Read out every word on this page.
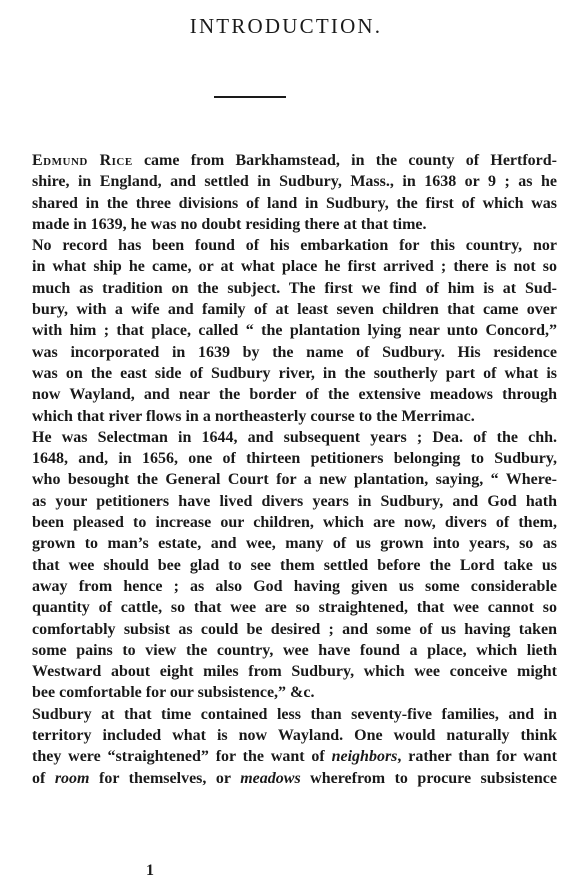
INTRODUCTION.
Edmund Rice came from Barkhamstead, in the county of Hertford-
shire, in England, and settled in Sudbury, Mass., in 1638 or 9 ; as he
shared in the three divisions of land in Sudbury, the first of which was
made in 1639, he was no doubt residing there at that time.
No record has been found of his embarkation for this country, nor
in what ship he came, or at what place he first arrived ; there is not so
much as tradition on the subject. The first we find of him is at Sud-
bury, with a wife and family of at least seven children that came over
with him ; that place, called “ the plantation lying near unto Concord,”
was incorporated in 1639 by the name of Sudbury. His residence
was on the east side of Sudbury river, in the southerly part of what is
now Wayland, and near the border of the extensive meadows through
which that river flows in a northeasterly course to the Merrimac.
He was Selectman in 1644, and subsequent years ; Dea. of the chh.
1648, and, in 1656, one of thirteen petitioners belonging to Sudbury,
who besought the General Court for a new plantation, saying, “ Where-
as your petitioners have lived divers years in Sudbury, and God hath
been pleased to increase our children, which are now, divers of them,
grown to man’s estate, and wee, many of us grown into years, so as
that wee should bee glad to see them settled before the Lord take us
away from hence ; as also God having given us some considerable
quantity of cattle, so that wee are so straightened, that wee cannot so
comfortably subsist as could be desired ; and some of us having taken
some pains to view the country, wee have found a place, which lieth
Westward about eight miles from Sudbury, which wee conceive might
bee comfortable for our subsistence,” &c.
Sudbury at that time contained less than seventy-five families, and in
territory included what is now Wayland. One would naturally think
they were “straightened” for the want of neighbors, rather than for want
of room for themselves, or meadows wherefrom to procure subsistence
1
